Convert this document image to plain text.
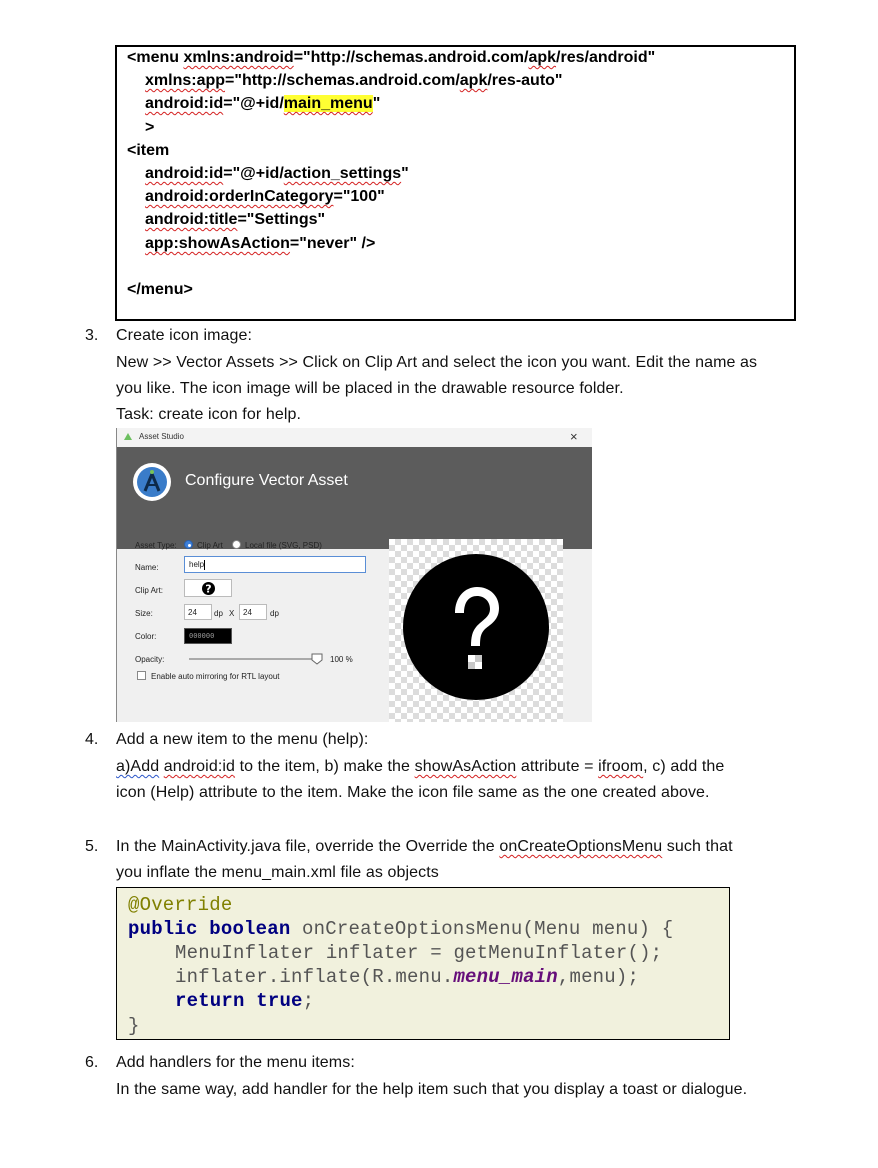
<menu xmlns:android="http://schemas.android.com/apk/res/android"
xmlns:app="http://schemas.android.com/apk/res-auto"
android:id="@+id/main_menu"
>
<item
android:id="@+id/action_settings"
android:orderInCategory="100"
android:title="Settings"
app:showAsAction="never" />
</menu>
3. Create icon image:
New >> Vector Assets >> Click on Clip Art and select the icon you want. Edit the name as
you like. The icon image will be placed in the drawable resource folder.
Task: create icon for help.
Asset Studio	×
Configure Vector Asset
Asset Type:	Clip Art	Local file (SVG, PSD)
Name:	help
Clip Art:	?
Size:	24 dp X 24 dp
Color:	000000
Opacity:	100 %
Enable auto mirroring for RTL layout
4. Add a new item to the menu (help):
a)Add android:id to the item, b) make the showAsAction attribute = ifroom, c) add the
icon (Help) attribute to the item. Make the icon file same as the one created above.
5. In the MainActivity.java file, override the Override the onCreateOptionsMenu such that
you inflate the menu_main.xml file as objects
@Override
public boolean onCreateOptionsMenu(Menu menu) {
MenuInflater inflater = getMenuInflater();
inflater.inflate(R.menu.menu_main,menu);
return true;
}
6. Add handlers for the menu items:
In the same way, add handler for the help item such that you display a toast or dialogue.
